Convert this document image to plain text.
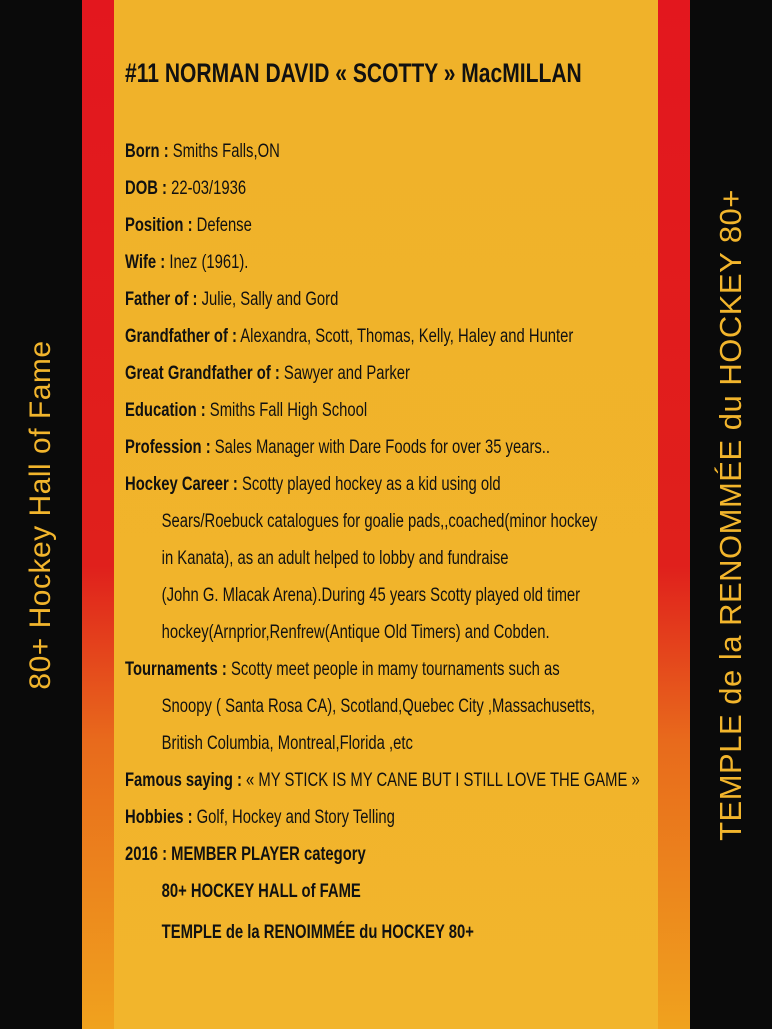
80+ Hockey Hall of Fame	TEMPLE de la RENOMMÉE du HOCKEY 80+
#11 NORMAN DAVID « SCOTTY » MacMILLAN
Born : Smiths Falls,ON
DOB : 22-03/1936
Position : Defense
Wife : Inez (1961).
Father of : Julie, Sally and Gord
Grandfather of : Alexandra, Scott, Thomas, Kelly, Haley and Hunter
Great Grandfather of : Sawyer and Parker
Education : Smiths Fall High School
Profession : Sales Manager with Dare Foods for over 35 years..
Hockey Career : Scotty played hockey as a kid using old
Sears/Roebuck catalogues for goalie pads,,coached(minor hockey
in Kanata), as an adult helped to lobby and fundraise
(John G. Mlacak Arena).During 45 years Scotty played old timer
hockey(Arnprior,Renfrew(Antique Old Timers) and Cobden.
Tournaments : Scotty meet people in mamy tournaments such as
Snoopy ( Santa Rosa CA), Scotland,Quebec City ,Massachusetts,
British Columbia, Montreal,Florida ,etc
Famous saying : « MY STICK IS MY CANE BUT I STILL LOVE THE GAME »
Hobbies : Golf, Hockey and Story Telling
2016 : MEMBER PLAYER category
80+ HOCKEY HALL of FAME
TEMPLE de la RENOIMMÉE du HOCKEY 80+
